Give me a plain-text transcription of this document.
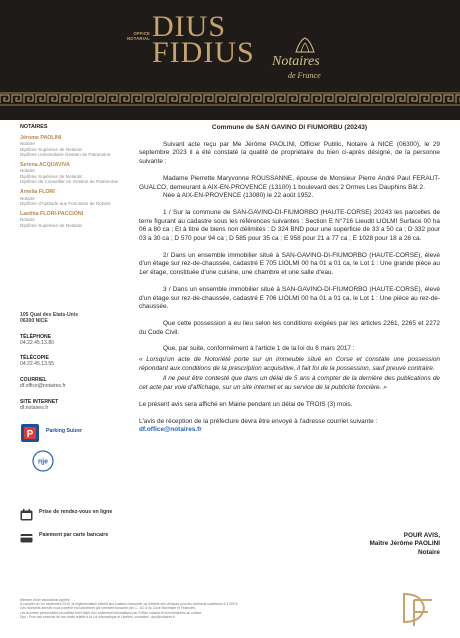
OFFICE NOTARIAL DIUS
FIDIUS Notaires
de France
NOTAIRES
Jérome PAOLINI
Notaire
Diplôme Supérieur de Notariat
Diplôme Universitaire Gestion de Patrimoine
Serena ACQUAVIVA
Notaire
Diplôme Supérieur de Notariat
Diplôme de Conseiller en Gestion de Patrimoine
Amelia FLORI
Notaire
Diplôme d'Aptitude aux Fonctions de Notaire
Laetitia FLORI-PACCIONI
Notaire
Diplôme Supérieur de Notariat
105 Quai des Etats-Unis
06300 NICE
TÉLÉPHONE
04.22.45.13.80
TÉLÉCOPIE
04.22.45.13.55
COURRIEL
df.office@notaires.fr
SITE INTERNET
df.notaires.fr
P Parking Suizer
nje
Prise de rendez-vous en ligne
Paiement par carte bancaire
Commune de SAN GAVINO DI FIUMORBU (20243)
Suivant acte reçu par Me Jérôme PAOLINI, Officier Public, Notaire à NICE (06300), le 29 septembre 2023 il a été constaté la qualité de propriétaire du bien ci-après désigné, de la personne suivante :
Madame Pierrette Maryvonne ROUSSANNE, épouse de Monsieur Pierre André Paul FERAUT-GUALCO, demeurant à AIX-EN-PROVENCE (13100) 1 boulevard des 2 Ormes Les Dauphins Bât 2.
Née à AIX-EN-PROVENCE (13080) le 22 août 1952.
1 / Sur la commune de SAN-GAVINO-DI-FIUMORBO (HAUTE-CORSE) 20243 les parcelles de terre figurant au cadastre sous les références suivantes : Section E N°716 Lieudit LIOLMI Surface 00 ha 06 a 80 ca ; Et à titre de biens non délimités : D 324 BND pour une superficie de 33 a 50 ca ; D 332 pour 03 a 30 ca ; D 570 pour 94 ca ; D 585 pour 35 ca ; E 958 pour 21 a 77 ca ; E 1028 pour 18 a 28 ca.
2/ Dans un ensemble immobilier situé à SAN-GAVINO-DI-FIUMORBO (HAUTE-CORSE), élevé d'un étage sur rez-de-chaussée, cadastré E 705 LIOLMI 00 ha 01 a 01 ca, le Lot 1 : Une grande pièce au 1er étage, constituée d'une cuisine, une chambre et une salle d'eau.
3 / Dans un ensemble immobilier situé à SAN-GAVINO-DI-FIUMORBO (HAUTE-CORSE), élevé d'un étage sur rez-de-chaussée, cadastré E 706 LIOLMI 00 ha 01 a 01 ca, le Lot 1 : Une pièce au rez-de-chaussée.
Que cette possession a eu lieu selon les conditions exigées par les articles 2261, 2265 et 2272 du Code Civil.
Que, par suite, conformément à l'article 1 de la loi du 6 mars 2017 :
« Lorsqu'un acte de Notoriété porte sur un immeuble situé en Corse et constate une possession répondant aux conditions de la prescription acquisitive, il fait foi de la possession, sauf preuve contraire.
Il ne peut être contesté que dans un délai de 5 ans à compter de la dernière des publications de cet acte par voie d'affichage, sur un site internet et au service de la publicité foncière. »
Le présent avis sera affiché en Mairie pendant un délai de TROIS (3) mois.
L'avis de réception de la préfecture devra être envoyé à l'adresse courriel suivante :
df.office@notaires.fr
POUR AVIS,
Maître Jérôme PAOLINI
Notaire
Membre d'une association agréée.
A compter du 1er septembre 2015, la réglementation interdit aux notaires d'accepter ou d'établir des chèques pour les montants supérieurs à 3.000 €.
Ces montants devront nous parvenir exclusivement par virement bancaire (art. L. 112-6 du Code Monétaire et Financier).
Les données personnelles recueillies font l'objet d'un traitement informatique par l'Office notarial et sont destinées au notaire.
Dpo : Pour tout exercice de vos droits relatifs à la Loi Informatique et Libertés, contactez : dpo@notaires.fr
